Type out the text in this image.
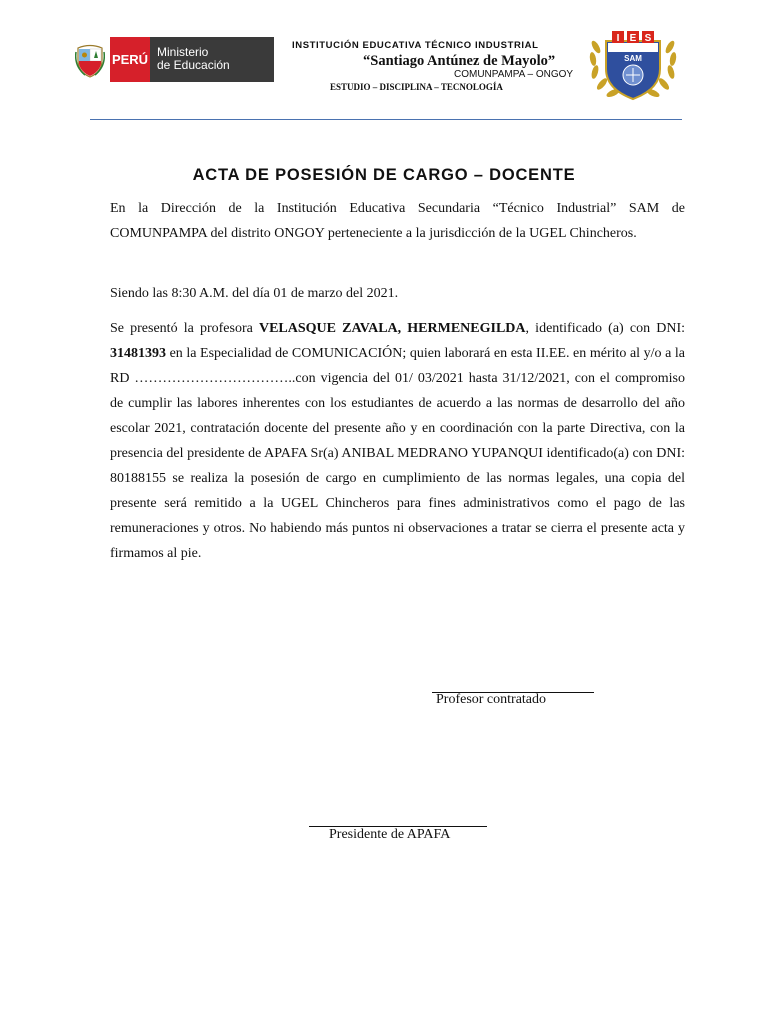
PERÚ Ministerio
de Educación
INSTITUCIÓN EDUCATIVA TÉCNICO INDUSTRIAL
“Santiago Antúnez de Mayolo”
COMUNPAMPA – ONGOY
ESTUDIO – DISCIPLINA – TECNOLOGÍA
I E S
SAM
ACTA DE POSESIÓN DE CARGO – DOCENTE
En la Dirección de la Institución Educativa Secundaria “Técnico Industrial” SAM de COMUNPAMPA del distrito ONGOY perteneciente a la jurisdicción de la UGEL Chincheros.
Siendo las 8:30 A.M. del día 01 de marzo del 2021.
Se presentó la profesora VELASQUE ZAVALA, HERMENEGILDA, identificado (a) con DNI: 31481393 en la Especialidad de COMUNICACIÓN; quien laborará en esta II.EE. en mérito al y/o a la RD ……………………………..con vigencia del 01/ 03/2021 hasta 31/12/2021, con el compromiso de cumplir las labores inherentes con los estudiantes de acuerdo a las normas de desarrollo del año escolar 2021, contratación docente del presente año y en coordinación con la parte Directiva, con la presencia del presidente de APAFA Sr(a) ANIBAL MEDRANO YUPANQUI identificado(a) con DNI: 80188155 se realiza la posesión de cargo en cumplimiento de las normas legales, una copia del presente será remitido a la UGEL Chincheros para fines administrativos como el pago de las remuneraciones y otros. No habiendo más puntos ni observaciones a tratar se cierra el presente acta y firmamos al pie.
Profesor contratado
Presidente de APAFA
